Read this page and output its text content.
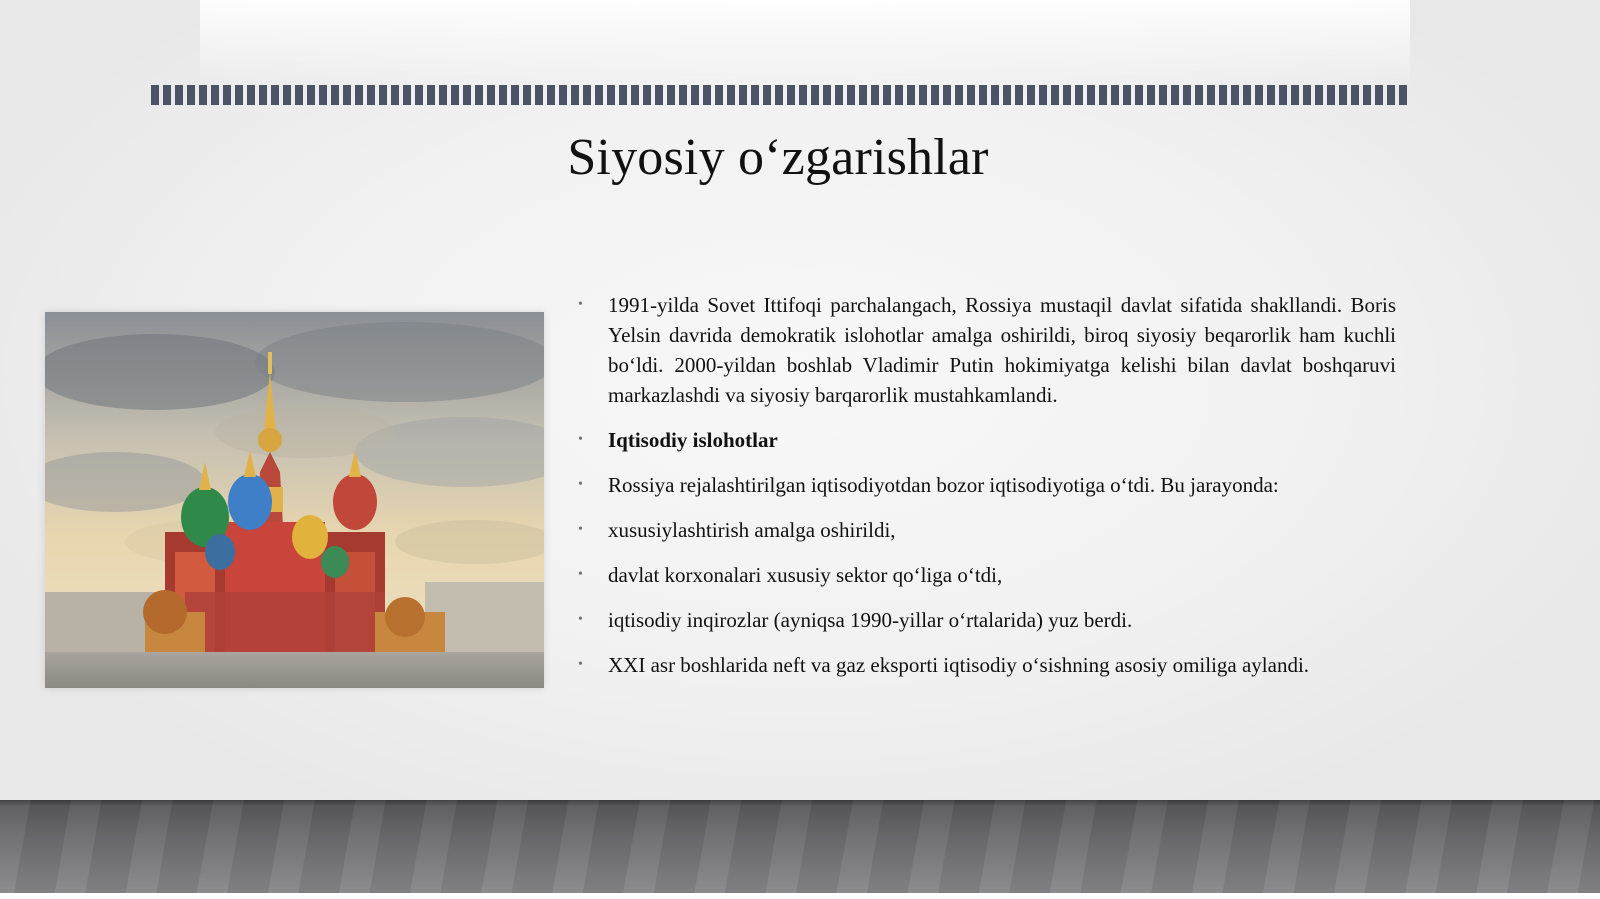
Siyosiy o‘zgarishlar
• 1991-yilda Sovet Ittifoqi parchalangach, Rossiya mustaqil davlat sifatida shakllandi. Boris Yelsin davrida demokratik islohotlar amalga oshirildi, biroq siyosiy beqarorlik ham kuchli bo‘ldi. 2000-yildan boshlab Vladimir Putin hokimiyatga kelishi bilan davlat boshqaruvi markazlashdi va siyosiy barqarorlik mustahkamlandi.
• Iqtisodiy islohotlar
• Rossiya rejalashtirilgan iqtisodiyotdan bozor iqtisodiyotiga o‘tdi. Bu jarayonda:
• xususiylashtirish amalga oshirildi,
• davlat korxonalari xususiy sektor qo‘liga o‘tdi,
• iqtisodiy inqirozlar (ayniqsa 1990-yillar o‘rtalarida) yuz berdi.
• XXI asr boshlarida neft va gaz eksporti iqtisodiy o‘sishning asosiy omiliga aylandi.
